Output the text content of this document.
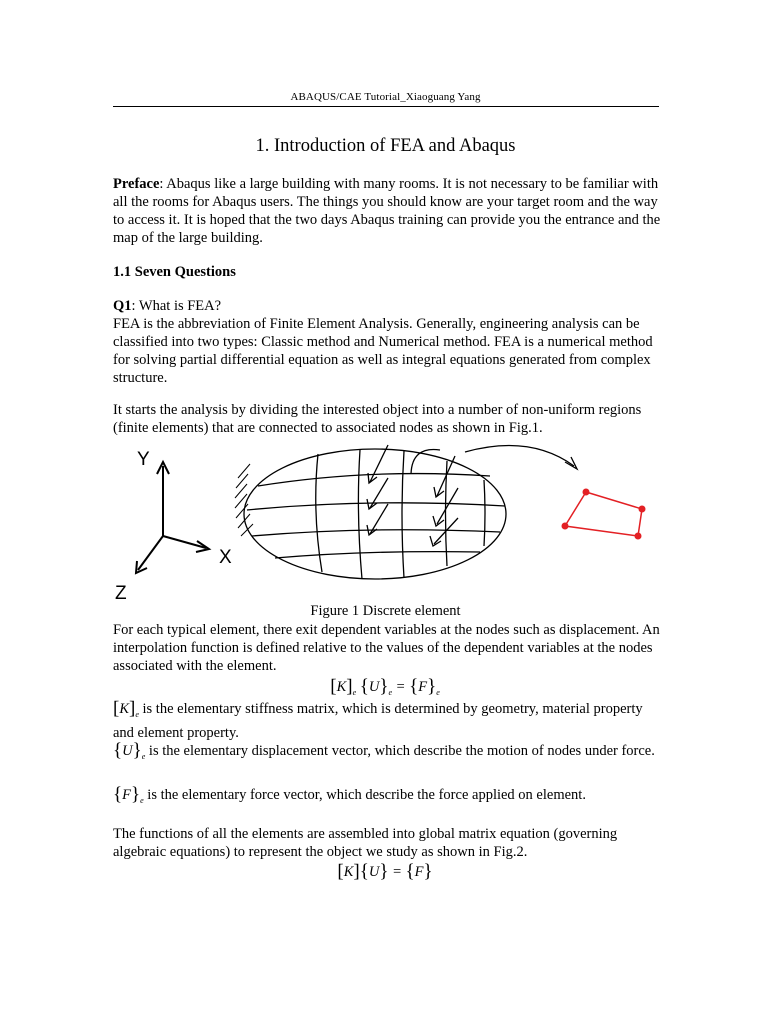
ABAQUS/CAE Tutorial_Xiaoguang Yang
1. Introduction of FEA and Abaqus

Preface: Abaqus like a large building with many rooms. It is not necessary to be familiar with all the rooms for Abaqus users. The things you should know are your target room and the way to access it. It is hoped that the two days Abaqus training can provide you the entrance and the map of the large building.

1.1 Seven Questions

Q1: What is FEA?

FEA is the abbreviation of Finite Element Analysis. Generally, engineering analysis can be classified into two types: Classic method and Numerical method. FEA is a numerical method for solving partial differential equation as well as integral equations generated from complex structure.

It starts the analysis by dividing the interested object into a number of non-uniform regions (finite elements) that are connected to associated nodes as shown in Fig.1.
Y
X
Z
Figure 1 Discrete element
For each typical element, there exit dependent variables at the nodes such as displacement. An interpolation function is defined relative to the values of the dependent variables at the nodes associated with the element.
$[K]_e$ $\{U\}_e = \{F\}_e$
$[K]_e$ is the elementary stiffness matrix, which is determined by geometry, material property and element property.
$\{U\}_e$ is the elementary displacement vector, which describe the motion of nodes under force.
$\{F\}_e$ is the elementary force vector, which describe the force applied on element.
The functions of all the elements are assembled into global matrix equation (governing algebraic equations) to represent the object we study as shown in Fig.2.
[K]{U} = {F}
